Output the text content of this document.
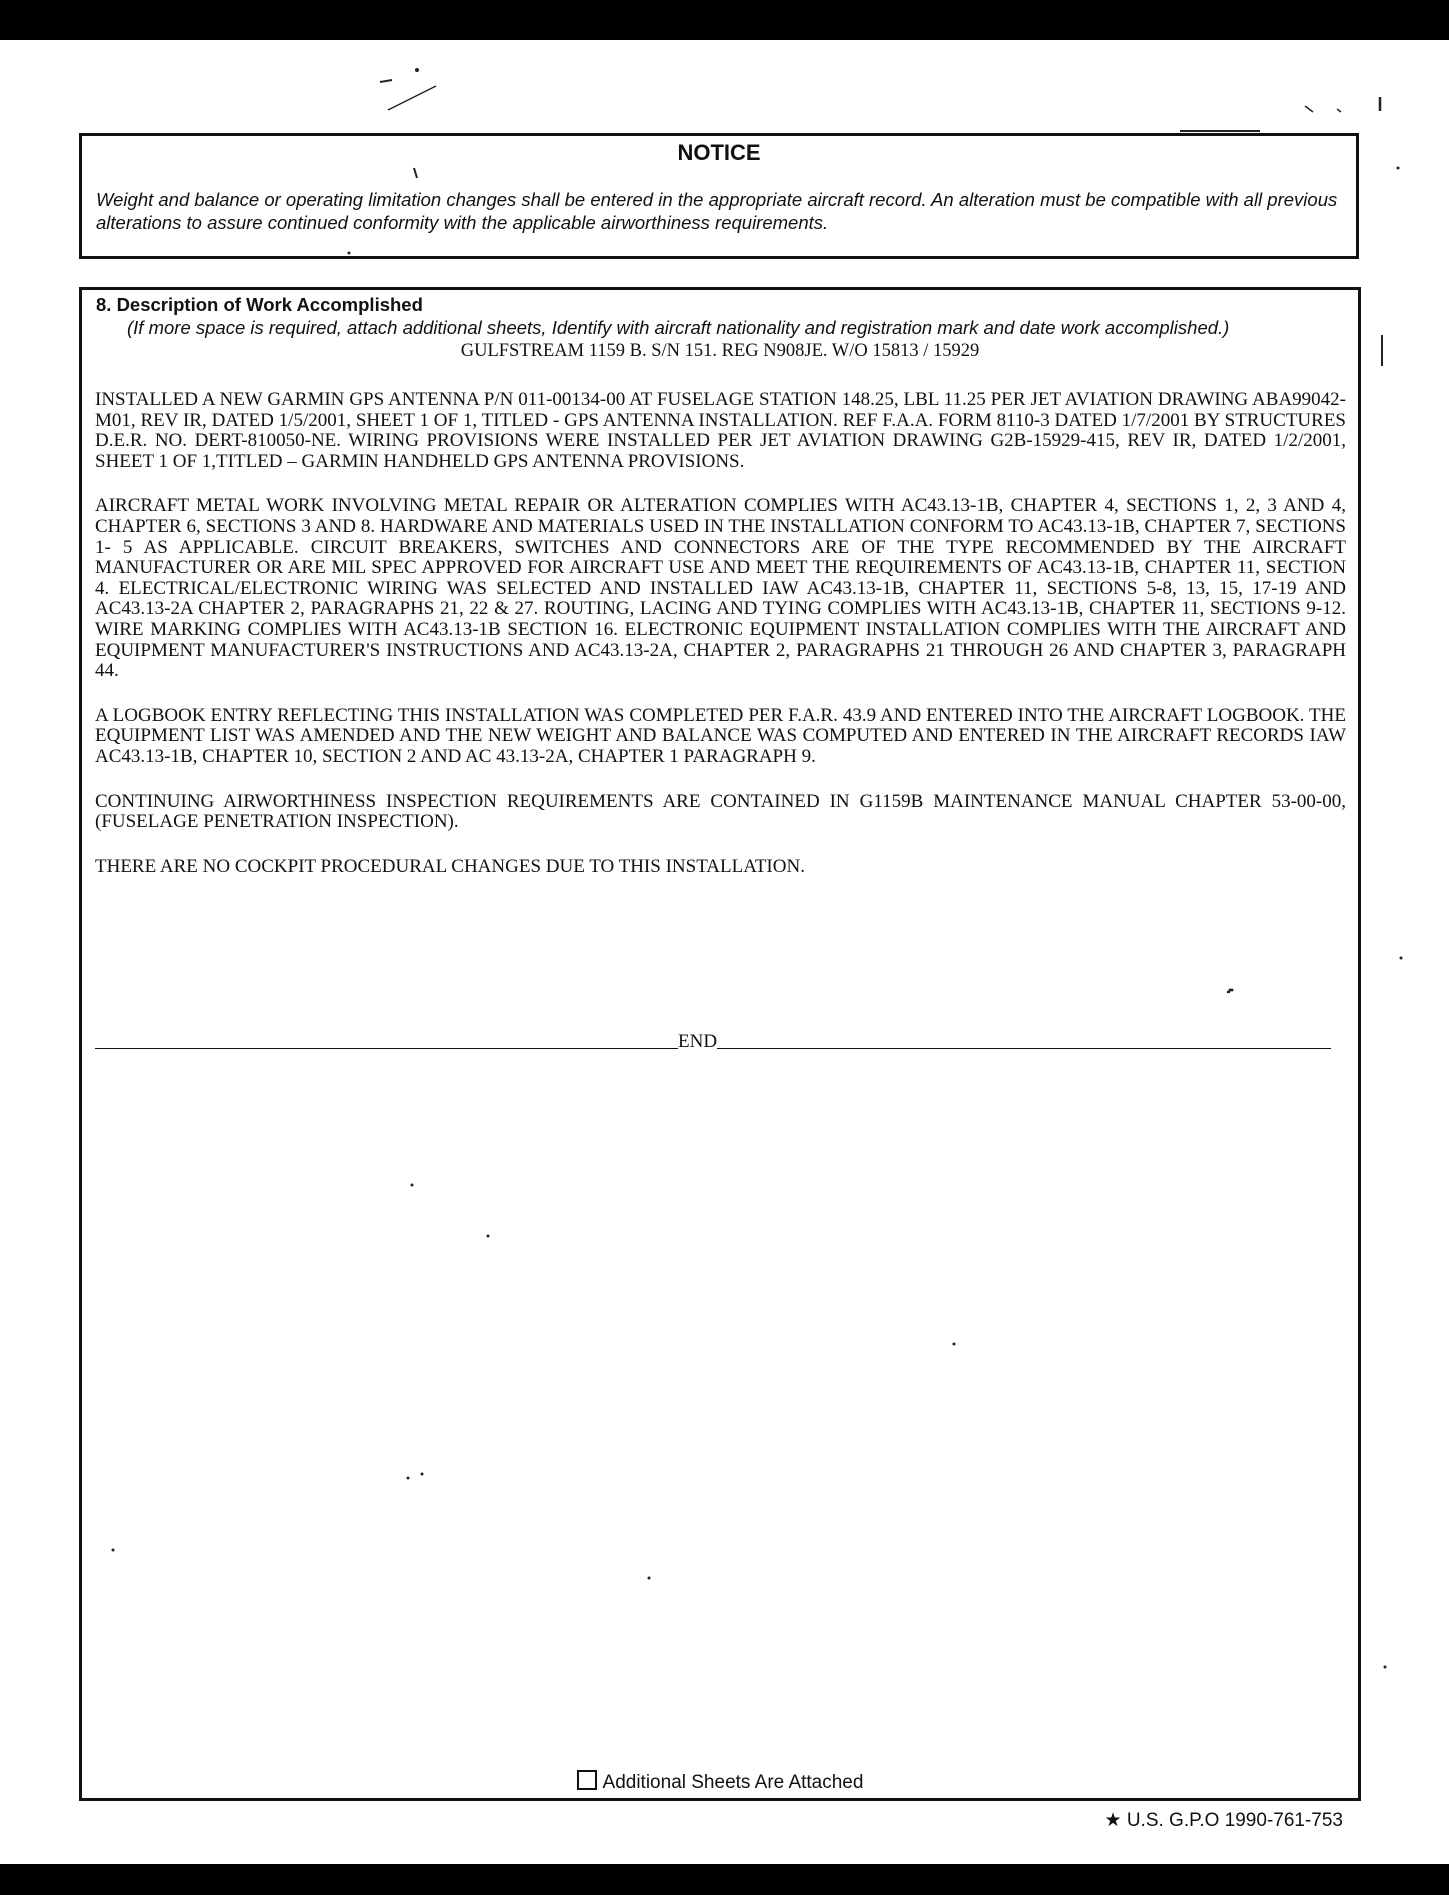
NOTICE
Weight and balance or operating limitation changes shall be entered in the appropriate aircraft record. An alteration must be compatible with all previous alterations to assure continued conformity with the applicable airworthiness requirements.
8. Description of Work Accomplished
(If more space is required, attach additional sheets, Identify with aircraft nationality and registration mark and date work accomplished.)
GULFSTREAM 1159 B. S/N 151. REG N908JE. W/O 15813 / 15929

INSTALLED A NEW GARMIN GPS ANTENNA P/N 011-00134-00 AT FUSELAGE STATION 148.25, LBL 11.25 PER JET AVIATION DRAWING ABA99042-M01, REV IR, DATED 1/5/2001, SHEET 1 OF 1, TITLED - GPS ANTENNA INSTALLATION. REF F.A.A. FORM 8110-3 DATED 1/7/2001 BY STRUCTURES D.E.R. NO. DERT-810050-NE. WIRING PROVISIONS WERE INSTALLED PER JET AVIATION DRAWING G2B-15929-415, REV IR, DATED 1/2/2001, SHEET 1 OF 1,TITLED – GARMIN HANDHELD GPS ANTENNA PROVISIONS.

AIRCRAFT METAL WORK INVOLVING METAL REPAIR OR ALTERATION COMPLIES WITH AC43.13-1B, CHAPTER 4, SECTIONS 1, 2, 3 AND 4, CHAPTER 6, SECTIONS 3 AND 8. HARDWARE AND MATERIALS USED IN THE INSTALLATION CONFORM TO AC43.13-1B, CHAPTER 7, SECTIONS 1- 5 AS APPLICABLE. CIRCUIT BREAKERS, SWITCHES AND CONNECTORS ARE OF THE TYPE RECOMMENDED BY THE AIRCRAFT MANUFACTURER OR ARE MIL SPEC APPROVED FOR AIRCRAFT USE AND MEET THE REQUIREMENTS OF AC43.13-1B, CHAPTER 11, SECTION 4. ELECTRICAL/ELECTRONIC WIRING WAS SELECTED AND INSTALLED IAW AC43.13-1B, CHAPTER 11, SECTIONS 5-8, 13, 15, 17-19 AND AC43.13-2A CHAPTER 2, PARAGRAPHS 21, 22 & 27. ROUTING, LACING AND TYING COMPLIES WITH AC43.13-1B, CHAPTER 11, SECTIONS 9-12. WIRE MARKING COMPLIES WITH AC43.13-1B SECTION 16. ELECTRONIC EQUIPMENT INSTALLATION COMPLIES WITH THE AIRCRAFT AND EQUIPMENT MANUFACTURER'S INSTRUCTIONS AND AC43.13-2A, CHAPTER 2, PARAGRAPHS 21 THROUGH 26 AND CHAPTER 3, PARAGRAPH 44.

A LOGBOOK ENTRY REFLECTING THIS INSTALLATION WAS COMPLETED PER F.A.R. 43.9 AND ENTERED INTO THE AIRCRAFT LOGBOOK. THE EQUIPMENT LIST WAS AMENDED AND THE NEW WEIGHT AND BALANCE WAS COMPUTED AND ENTERED IN THE AIRCRAFT RECORDS IAW AC43.13-1B, CHAPTER 10, SECTION 2 AND AC 43.13-2A, CHAPTER 1 PARAGRAPH 9.

CONTINUING AIRWORTHINESS INSPECTION REQUIREMENTS ARE CONTAINED IN G1159B MAINTENANCE MANUAL CHAPTER 53-00-00, (FUSELAGE PENETRATION INSPECTION).

THERE ARE NO COCKPIT PROCEDURAL CHANGES DUE TO THIS INSTALLATION.

END
Additional Sheets Are Attached
★ U.S. G.P.O 1990-761-753
